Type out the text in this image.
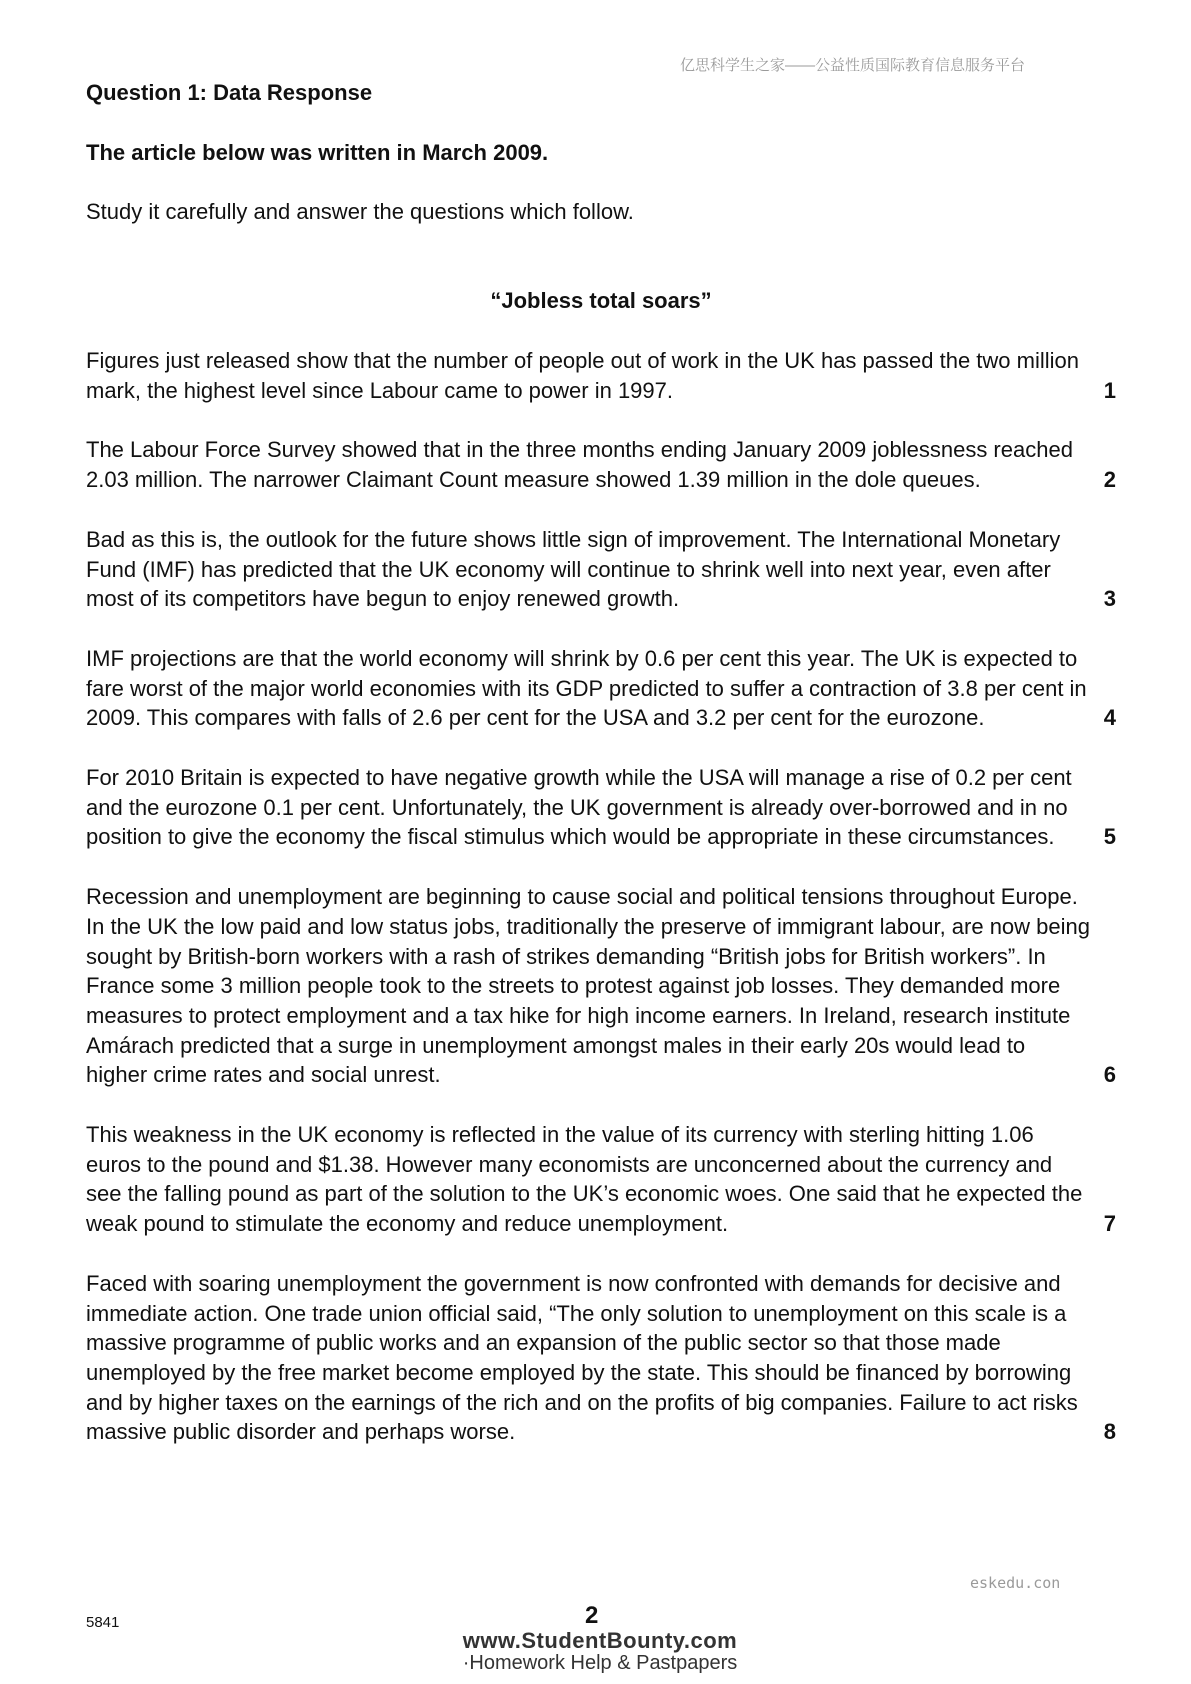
亿思科学生之家——公益性质国际教育信息服务平台
Question 1: Data Response
The article below was written in March 2009.
Study it carefully and answer the questions which follow.
“Jobless total soars”
Figures just released show that the number of people out of work in the UK has passed the two million mark, the highest level since Labour came to power in 1997.	1
The Labour Force Survey showed that in the three months ending January 2009 joblessness reached 2.03 million. The narrower Claimant Count measure showed 1.39 million in the dole queues.	2
Bad as this is, the outlook for the future shows little sign of improvement. The International Monetary Fund (IMF) has predicted that the UK economy will continue to shrink well into next year, even after most of its competitors have begun to enjoy renewed growth.	3
IMF projections are that the world economy will shrink by 0.6 per cent this year. The UK is expected to fare worst of the major world economies with its GDP predicted to suffer a contraction of 3.8 per cent in 2009. This compares with falls of 2.6 per cent for the USA and 3.2 per cent for the eurozone.	4
For 2010 Britain is expected to have negative growth while the USA will manage a rise of 0.2 per cent and the eurozone 0.1 per cent. Unfortunately, the UK government is already over-borrowed and in no position to give the economy the fiscal stimulus which would be appropriate in these circumstances.	5
Recession and unemployment are beginning to cause social and political tensions throughout Europe. In the UK the low paid and low status jobs, traditionally the preserve of immigrant labour, are now being sought by British-born workers with a rash of strikes demanding “British jobs for British workers”. In France some 3 million people took to the streets to protest against job losses. They demanded more measures to protect employment and a tax hike for high income earners. In Ireland, research institute Amárach predicted that a surge in unemployment amongst males in their early 20s would lead to higher crime rates and social unrest.	6
This weakness in the UK economy is reflected in the value of its currency with sterling hitting 1.06 euros to the pound and $1.38. However many economists are unconcerned about the currency and see the falling pound as part of the solution to the UK’s economic woes. One said that he expected the weak pound to stimulate the economy and reduce unemployment.	7
Faced with soaring unemployment the government is now confronted with demands for decisive and immediate action. One trade union official said, “The only solution to unemployment on this scale is a massive programme of public works and an expansion of the public sector so that those made unemployed by the free market become employed by the state. This should be financed by borrowing and by higher taxes on the earnings of the rich and on the profits of big companies. Failure to act risks massive public disorder and perhaps worse.	8
eskedu.con
5841	2
www.StudentBounty.com
·Homework Help & Pastpapers
